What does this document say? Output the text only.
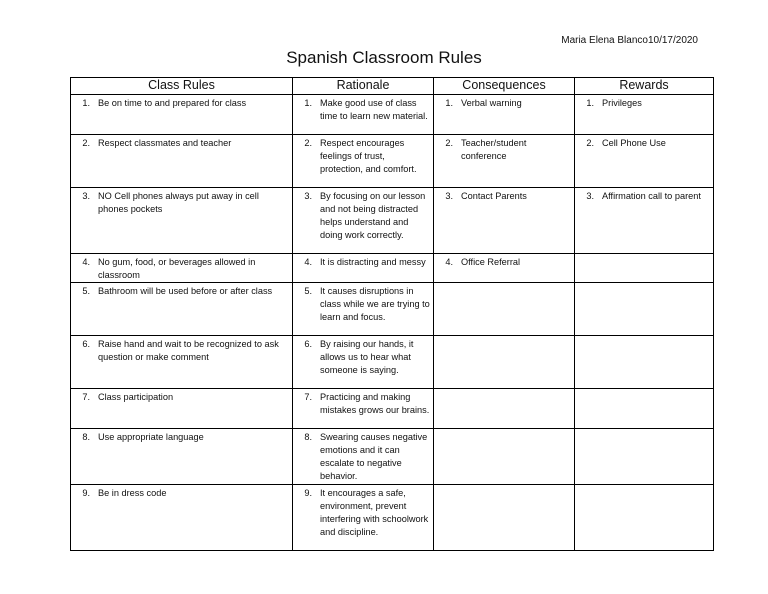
Maria Elena Blanco10/17/2020
Spanish Classroom Rules
Class Rules	Rationale	Consequences	Rewards

1. Be on time to and prepared for class	1. Make good use of class time to learn new material.	1. Verbal warning	1. Privileges

2. Respect classmates and teacher	2. Respect encourages feelings of trust, protection, and comfort.	2. Teacher/student conference	2. Cell Phone Use

3. NO Cell phones always put away in cell phones pockets	3. By focusing on our lesson and not being distracted helps understand and doing work correctly.	3. Contact Parents	3. Affirmation call to parent

4. No gum, food, or beverages allowed in classroom	4. It is distracting and messy	4. Office Referral	

5. Bathroom will be used before or after class	5. It causes disruptions in class while we are trying to learn and focus.		

6. Raise hand and wait to be recognized to ask question or make comment	6. By raising our hands, it allows us to hear what someone is saying.		

7. Class participation	7. Practicing and making mistakes grows our brains.		

8. Use appropriate language	8. Swearing causes negative emotions and it can escalate to negative behavior.		

9. Be in dress code	9. It encourages a safe, environment, prevent interfering with schoolwork and discipline.		
